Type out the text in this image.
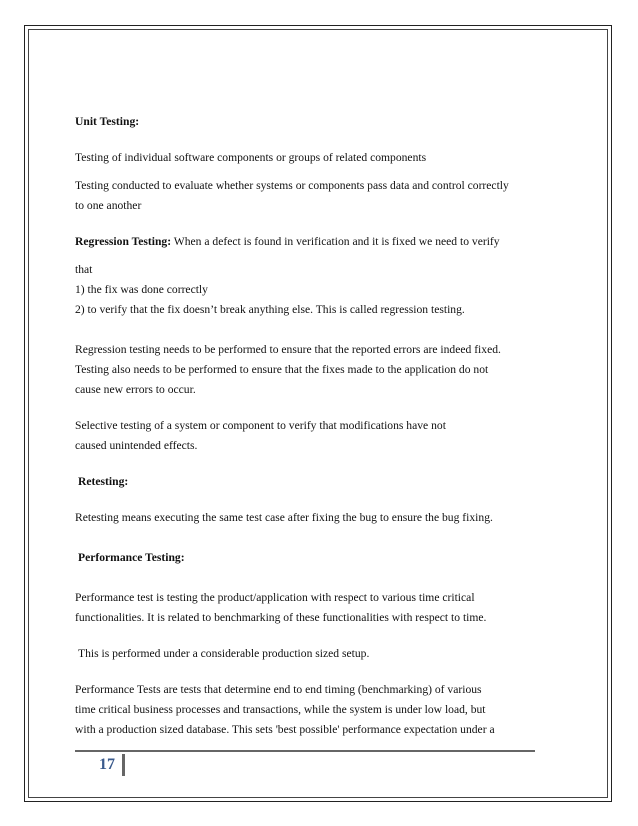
Unit Testing:

Testing of individual software components or groups of related components

Testing conducted to evaluate whether systems or components pass data and control correctly

to one another

Regression Testing: When a defect is found in verification and it is fixed we need to verify

that

1) the fix was done correctly

2) to verify that the fix doesn’t break anything else. This is called regression testing.

Regression testing needs to be performed to ensure that the reported errors are indeed fixed.

Testing also needs to be performed to ensure that the fixes made to the application do not

cause new errors to occur.

Selective testing of a system or component to verify that modifications have not

caused unintended effects.

Retesting:

Retesting means executing the same test case after fixing the bug to ensure the bug fixing.

Performance Testing:

Performance test is testing the product/application with respect to various time critical

functionalities. It is related to benchmarking of these functionalities with respect to time.

This is performed under a considerable production sized setup.

Performance Tests are tests that determine end to end timing (benchmarking) of various

time critical business processes and transactions, while the system is under low load, but

with a production sized database. This sets 'best possible' performance expectation under a

17
